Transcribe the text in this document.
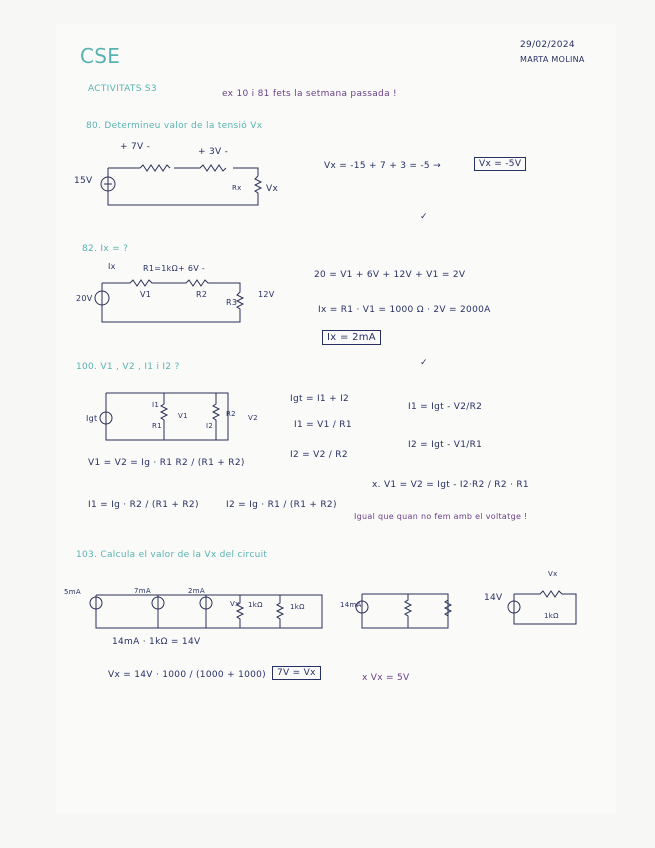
CSE	29/02/2024
MARTA MOLINA
ACTIVITATS S3	ex 10 i 81 fets la setmana passada !
80. Determineu valor de la tensió Vx
+ 7V -	+ 3V -
15V
Rx	Vx
Vx = -15 + 7 + 3 = -5 →	Vx = -5V
✓
82. Ix = ?
Ix	R1=1kΩ + 6V -
V1	R2
R3
12V
20V
20 = V1 + 6V + 12V + V1 = 2V
Ix = R1 · V1 = 1000 Ω · 2V = 2000A
Ix = 2mA
✓
100. V1 , V2 , I1 i I2 ?
Igt
I1
R1
V1
I2
R2 V2
Igt = I1 + I2
I1 = V1 / R1
I2 = V2 / R2
I1 = Igt - V2/R2
I2 = Igt - V1/R1
V1 = V2 = Ig · R1 R2 / (R1 + R2)
x. V1 = V2 = Igt - I2·R2 / R2 · R1
I1 = Ig · R2 / (R1 + R2)	I2 = Ig · R1 / (R1 + R2)
Igual que quan no fem amb el voltatge !
103. Calcula el valor de la Vx del circuit
5mA	7mA	2mA
Vx 1kΩ	1kΩ	14mA
14V
Vx
1kΩ
14mA · 1kΩ = 14V
Vx = 14V · 1000 / (1000 + 1000)	7V = Vx	x Vx = 5V
